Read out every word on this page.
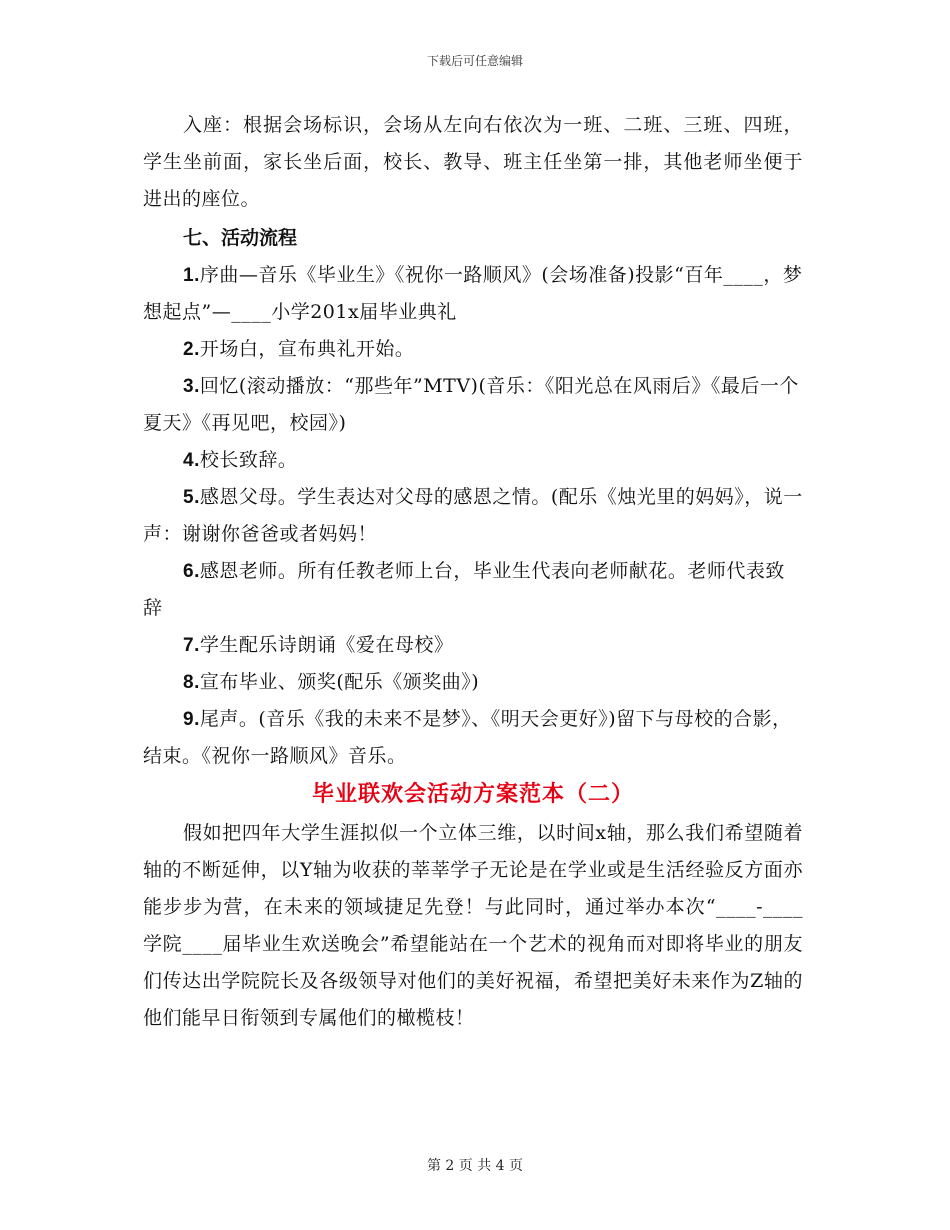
下载后可任意编辑

入座：根据会场标识，会场从左向右依次为一班、二班、三班、四班，学生坐前面，家长坐后面，校长、教导、班主任坐第一排，其他老师坐便于进出的座位。

七、活动流程

1.序曲—音乐《毕业生》《祝你一路顺风》(会场准备)投影“百年____，梦想起点”—____小学201x届毕业典礼

2.开场白，宣布典礼开始。

3.回忆(滚动播放：“那些年”MTV)(音乐：《阳光总在风雨后》《最后一个夏天》《再见吧，校园》)

4.校长致辞。

5.感恩父母。学生表达对父母的感恩之情。(配乐《烛光里的妈妈》，说一声：谢谢你爸爸或者妈妈！

6.感恩老师。所有任教老师上台，毕业生代表向老师献花。老师代表致辞

7.学生配乐诗朗诵《爱在母校》

8.宣布毕业、颁奖(配乐《颁奖曲》)

9.尾声。(音乐《我的未来不是梦》、《明天会更好》)留下与母校的合影，结束。《祝你一路顺风》音乐。

毕业联欢会活动方案范本（二）

假如把四年大学生涯拟似一个立体三维，以时间x轴，那么我们希望随着轴的不断延伸，以Y轴为收获的莘莘学子无论是在学业或是生活经验反方面亦能步步为营，在未来的领域捷足先登！与此同时，通过举办本次“____-____学院____届毕业生欢送晚会”希望能站在一个艺术的视角而对即将毕业的朋友们传达出学院院长及各级领导对他们的美好祝福，希望把美好未来作为Z轴的他们能早日衔领到专属他们的橄榄枝！

第 2 页 共 4 页
